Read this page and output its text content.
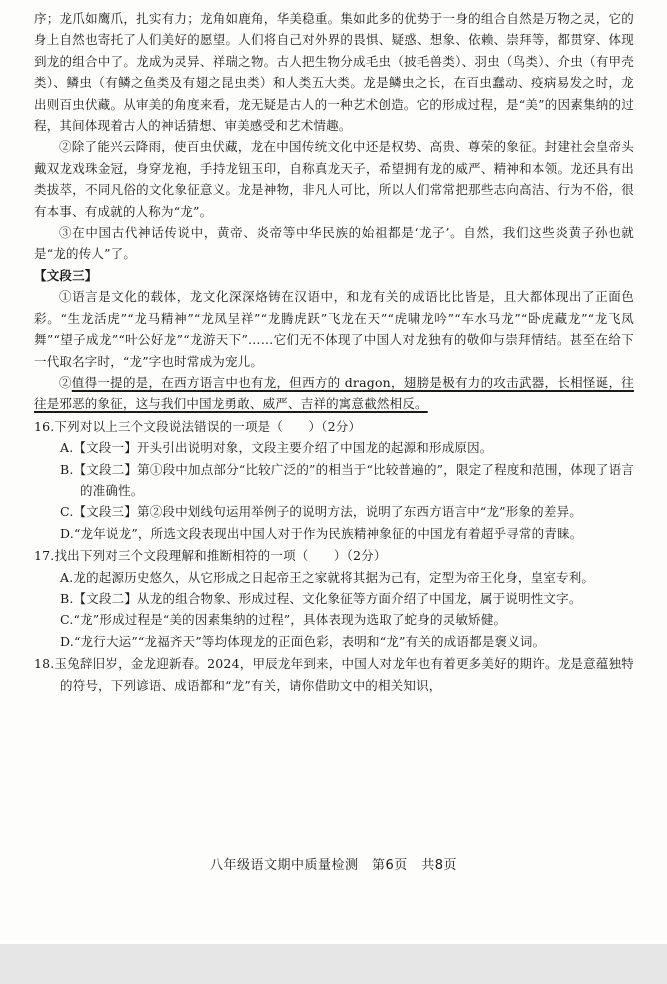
序；龙爪如鹰爪，扎实有力；龙角如鹿角，华美稳重。集如此多的优势于一身的组合自然是万物之灵，它的身上自然也寄托了人们美好的愿望。人们将自己对外界的畏惧、疑惑、想象、依赖、崇拜等，都贯穿、体现到龙的组合中了。龙成为灵异、祥瑞之物。古人把生物分成毛虫（披毛兽类）、羽虫（鸟类）、介虫（有甲壳类）、鳞虫（有鳞之鱼类及有翅之昆虫类）和人类五大类。龙是鳞虫之长，在百虫蠢动、疫病易发之时，龙出则百虫伏藏。从审美的角度来看，龙无疑是古人的一种艺术创造。它的形成过程，是“美”的因素集纳的过程，其间体现着古人的神话猜想、审美感受和艺术情趣。

②除了能兴云降雨，使百虫伏藏，龙在中国传统文化中还是权势、高贵、尊荣的象征。封建社会皇帝头戴双龙戏珠金冠，身穿龙袍，手持龙钮玉印，自称真龙天子，希望拥有龙的威严、精神和本领。龙还具有出类拔萃，不同凡俗的文化象征意义。龙是神物，非凡人可比，所以人们常常把那些志向高洁、行为不俗，很有本事、有成就的人称为“龙”。

③在中国古代神话传说中，黄帝、炎帝等中华民族的始祖都是‘龙子’。自然，我们这些炎黄子孙也就是“龙的传人”了。

【文段三】

①语言是文化的载体，龙文化深深烙铸在汉语中，和龙有关的成语比比皆是，且大都体现出了正面色彩。“生龙活虎”“龙马精神”“龙凤呈祥”“龙腾虎跃”飞龙在天”“虎啸龙吟”“车水马龙”“卧虎藏龙”“龙飞凤舞”“望子成龙”“叶公好龙”“龙游天下”……它们无不体现了中国人对龙独有的敬仰与崇拜情结。甚至在给下一代取名字时，“龙”字也时常成为宠儿。

②值得一提的是，在西方语言中也有龙，但西方的 dragon，翅膀是极有力的攻击武器，长相怪诞，往往是邪恶的象征，这与我们中国龙勇敢、威严、吉祥的寓意截然相反。

16.下列对以上三个文段说法错误的一项是（　　）（2分）

A.【文段一】开头引出说明对象，文段主要介绍了中国龙的起源和形成原因。

B.【文段二】第①段中加点部分“比较广泛的”的相当于“比较普遍的”，限定了程度和范围，体现了语言的准确性。

C.【文段三】第②段中划线句运用举例子的说明方法，说明了东西方语言中“龙”形象的差异。

D.“龙年说龙”，所选文段表现出中国人对于作为民族精神象征的中国龙有着超乎寻常的青睐。

17.找出下列对三个文段理解和推断相符的一项（　　）（2分）

A.龙的起源历史悠久，从它形成之日起帝王之家就将其据为己有，定型为帝王化身，皇室专利。

B.【文段二】从龙的组合物象、形成过程、文化象征等方面介绍了中国龙，属于说明性文字。

C.“龙”形成过程是“美的因素集纳的过程”，具体表现为选取了蛇身的灵敏矫健。

D.“龙行大运”“龙福齐天”等均体现龙的正面色彩，表明和“龙”有关的成语都是褒义词。

18.玉兔辞旧岁，金龙迎新春。2024，甲辰龙年到来，中国人对龙年也有着更多美好的期许。龙是意蕴独特的符号，下列谚语、成语都和“龙”有关，请你借助文中的相关知识，

八年级语文期中质量检测　第6页　共8页
